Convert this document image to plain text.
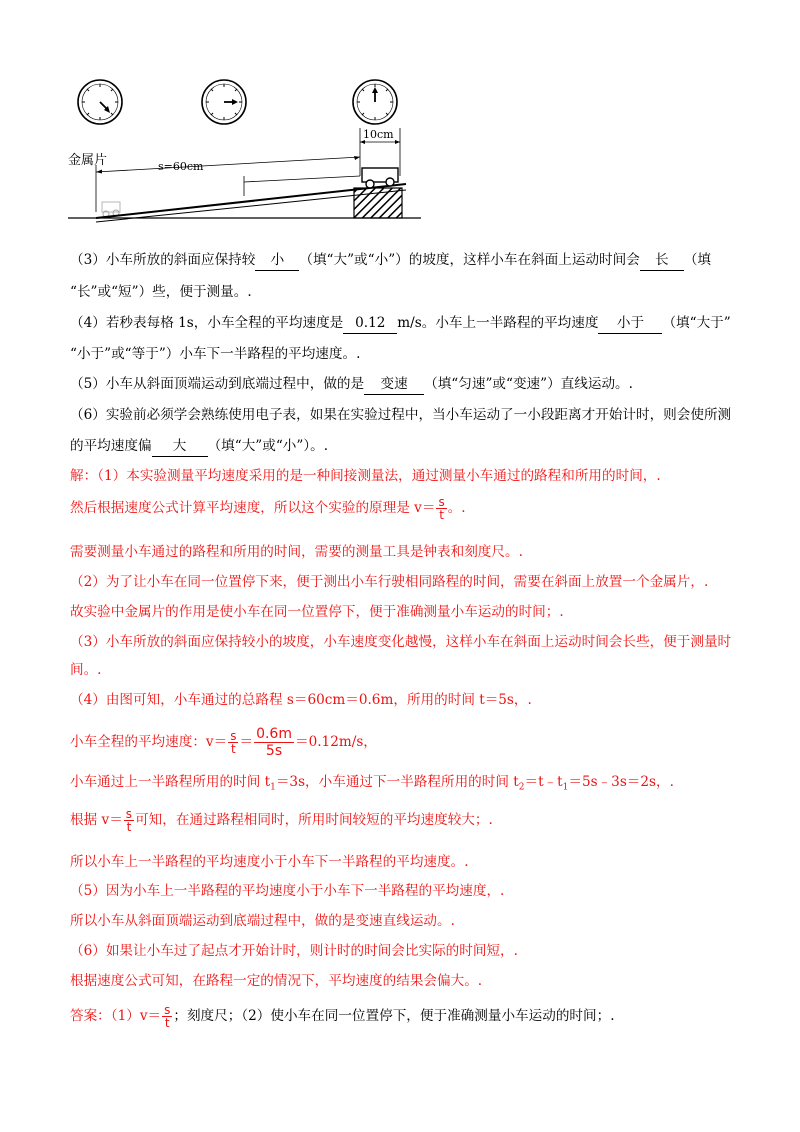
10cm
s=60cm
金属片
（3）小车所放的斜面应保持较 小 （填“大”或“小”）的坡度，这样小车在斜面上运动时间会 长 （填
“长”或“短”）些，便于测量。.
（4）若秒表每格 1s，小车全程的平均速度是 0.12 m/s。小车上一半路程的平均速度 小于 （填“大于”
“小于”或“等于”）小车下一半路程的平均速度。.
（5）小车从斜面顶端运动到底端过程中，做的是 变速 （填“匀速”或“变速”）直线运动。.
（6）实验前必须学会熟练使用电子表，如果在实验过程中，当小车运动了一小段距离才开始计时，则会使所测
的平均速度偏 大 （填“大”或“小”）。.
解：（1）本实验测量平均速度采用的是一种间接测量法，通过测量小车通过的路程和所用的时间，.
然后根据速度公式计算平均速度，所以这个实验的原理是 $v= \frac{s}{t}$ 。.
需要测量小车通过的路程和所用的时间，需要的测量工具是钟表和刻度尺。.
（2）为了让小车在同一位置停下来，便于测出小车行驶相同路程的时间，需要在斜面上放置一个金属片，.
故实验中金属片的作用是使小车在同一位置停下，便于准确测量小车运动的时间；.
（3）小车所放的斜面应保持较小的坡度，小车速度变化越慢，这样小车在斜面上运动时间会长些，便于测量时
间。.
（4）由图可知，小车通过的总路程 s＝60cm＝0.6m，所用的时间 t＝5s，.
小车全程的平均速度：$v= \frac{s}{t} = \frac{0.6m}{5s} =0.12m/s$，
小车通过上一半路程所用的时间 $t_1=3s$，小车通过下一半路程所用的时间 $t_2=t﹣t_1=5s﹣3s=2s$，.
根据 $v= \frac{s}{t}$ 可知，在通过路程相同时，所用时间较短的平均速度较大；.
所以小车上一半路程的平均速度小于小车下一半路程的平均速度。.
（5）因为小车上一半路程的平均速度小于小车下一半路程的平均速度，.
所以小车从斜面顶端运动到底端过程中，做的是变速直线运动。.
（6）如果让小车过了起点才开始计时，则计时的时间会比实际的时间短，.
根据速度公式可知，在路程一定的情况下，平均速度的结果会偏大。.
答案：$(1)v= \frac{s}{t}$ ；刻度尺；（2）使小车在同一位置停下，便于准确测量小车运动的时间；.
